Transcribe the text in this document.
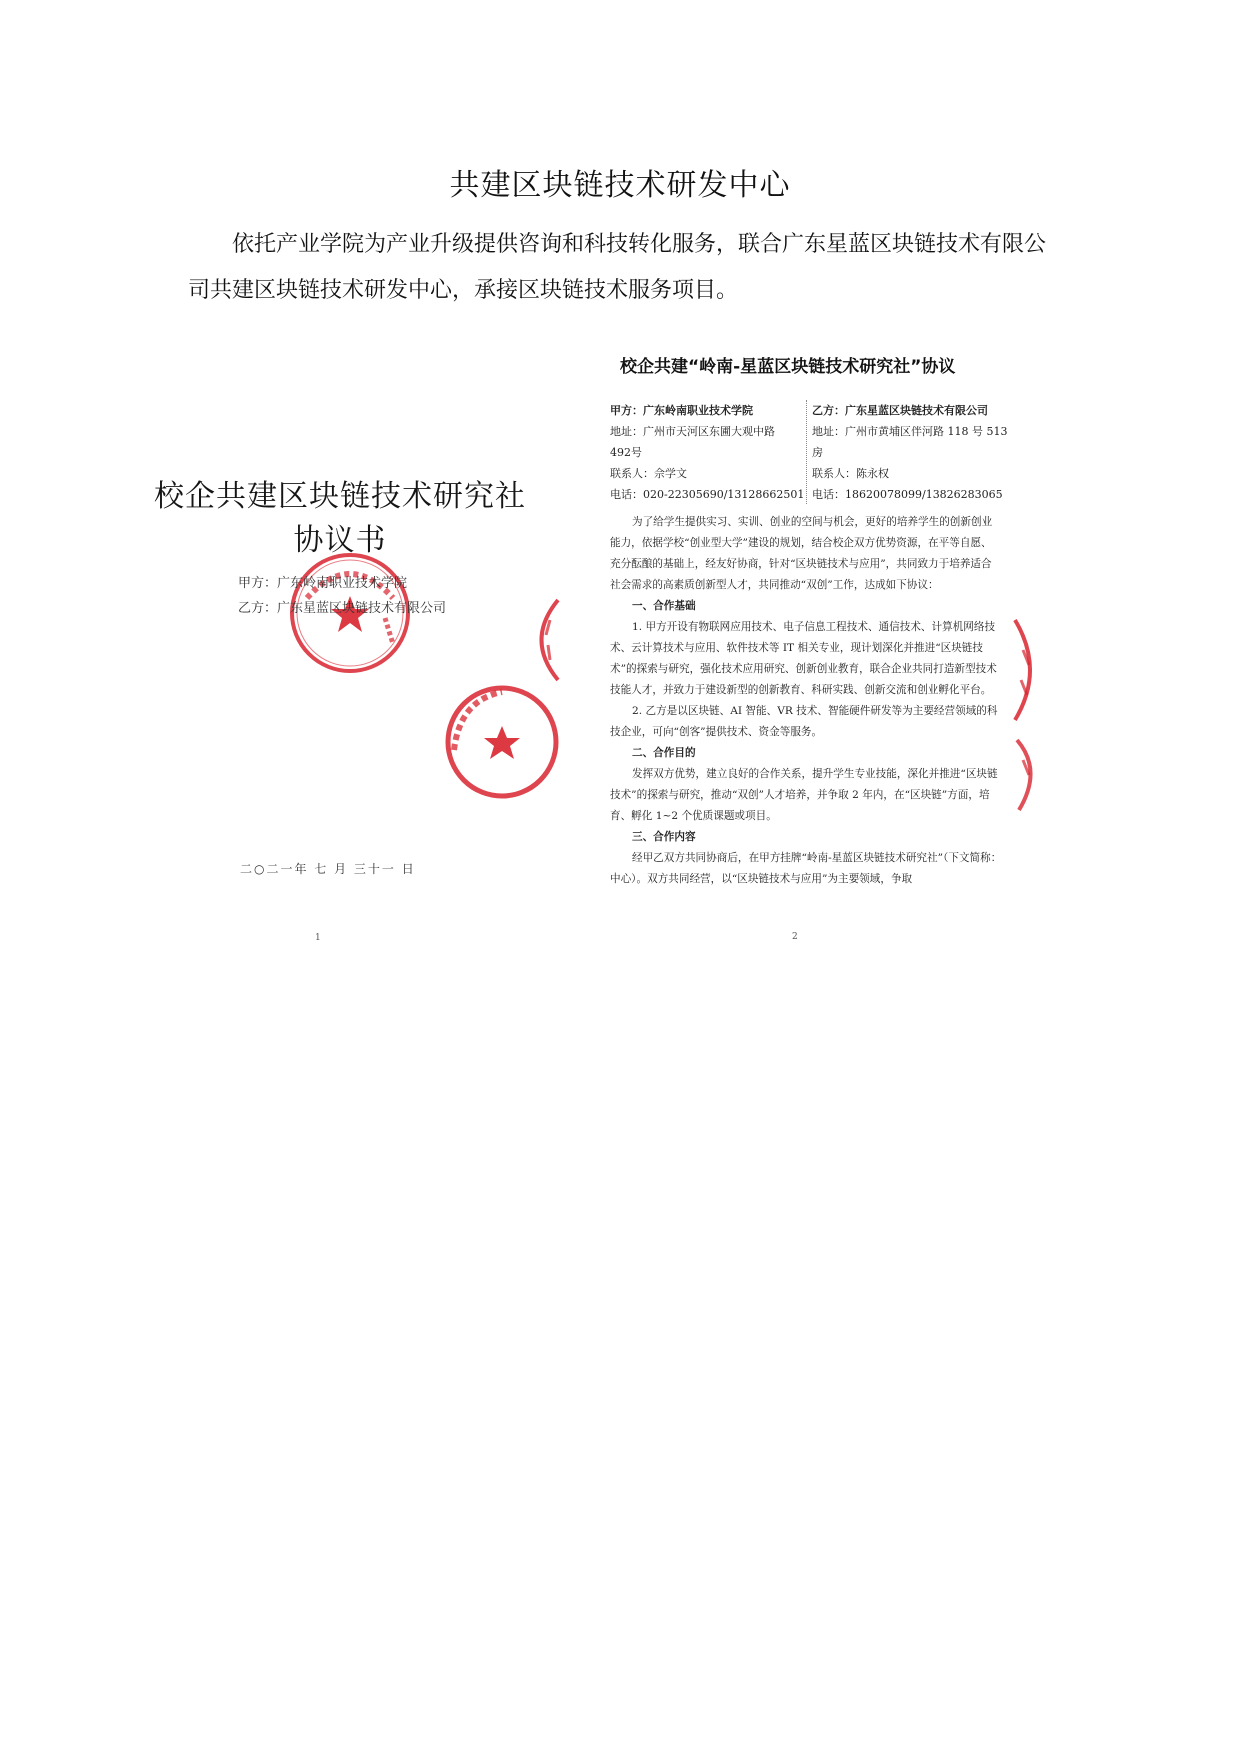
共建区块链技术研发中心
依托产业学院为产业升级提供咨询和科技转化服务，联合广东星蓝区块链技术有限公司共建区块链技术研发中心，承接区块链技术服务项目。
校企共建区块链技术研究社
协议书
甲方：广东岭南职业技术学院
乙方：广东星蓝区块链技术有限公司
二○二一年 七 月 三十一 日
1
校企共建“岭南-星蓝区块链技术研究社”协议
甲方：广东岭南职业技术学院
地址：广州市天河区东圃大观中路
492号
联系人：佘学文
电话：020-22305690/13128662501
乙方：广东星蓝区块链技术有限公司
地址：广州市黄埔区伴河路 118 号 513
房
联系人：陈永权
电话：18620078099/13826283065

为了给学生提供实习、实训、创业的空间与机会，更好的培养学生的创新创业能力，依据学校“创业型大学”建设的规划，结合校企双方优势资源，在平等自愿、充分酝酿的基础上，经友好协商，针对“区块链技术与应用”，共同致力于培养适合社会需求的高素质创新型人才，共同推动“双创”工作，达成如下协议：

一、合作基础

1. 甲方开设有物联网应用技术、电子信息工程技术、通信技术、计算机网络技术、云计算技术与应用、软件技术等 IT 相关专业，现计划深化并推进“区块链技术”的探索与研究，强化技术应用研究、创新创业教育，联合企业共同打造新型技术技能人才，并致力于建设新型的创新教育、科研实践、创新交流和创业孵化平台。

2. 乙方是以区块链、AI 智能、VR 技术、智能硬件研发等为主要经营领域的科技企业，可向“创客”提供技术、资金等服务。

二、合作目的

发挥双方优势，建立良好的合作关系，提升学生专业技能，深化并推进“区块链技术”的探索与研究，推动“双创”人才培养，并争取 2 年内，在“区块链”方面，培育、孵化 1~2 个优质课题或项目。

三、合作内容

经甲乙双方共同协商后，在甲方挂牌“岭南-星蓝区块链技术研究社”（下文简称：中心）。双方共同经营，以“区块链技术与应用”为主要领域，争取

2
